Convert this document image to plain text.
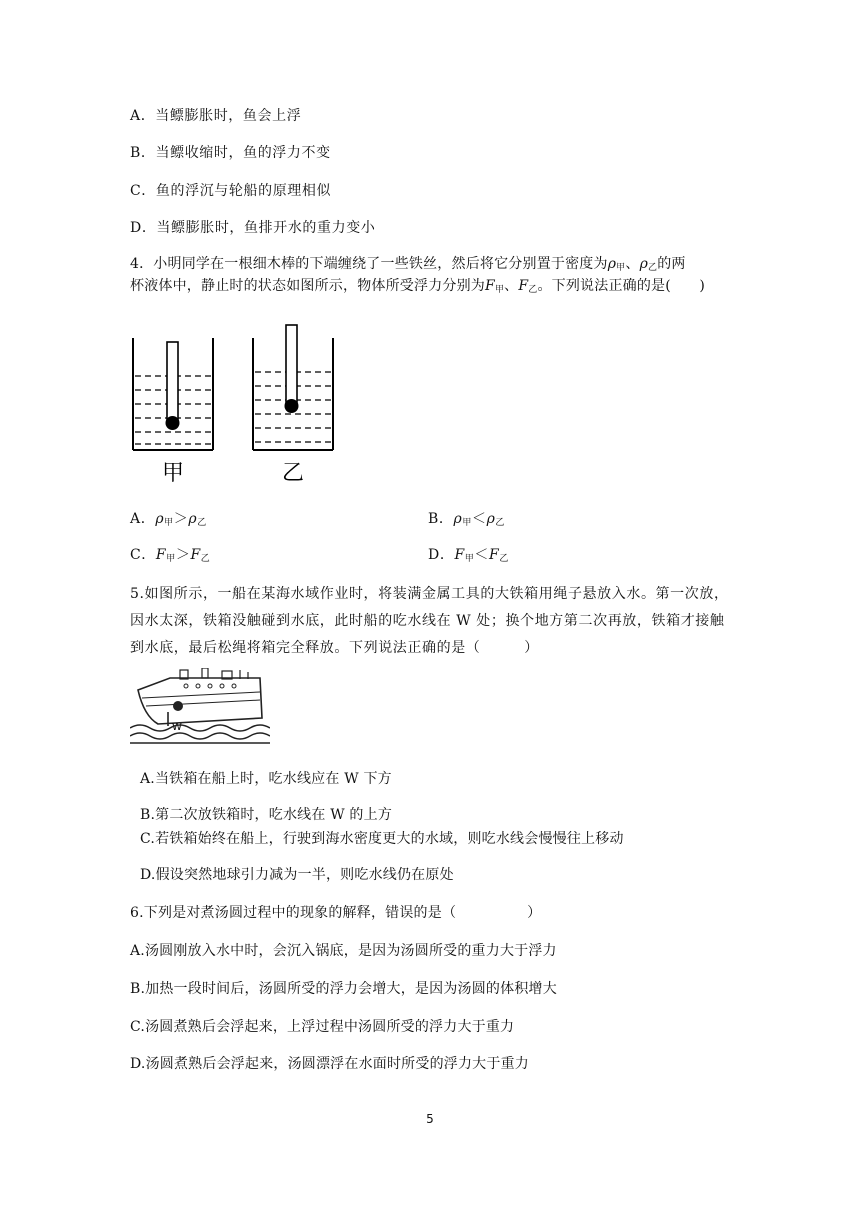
A．当鳔膨胀时，鱼会上浮
B．当鳔收缩时，鱼的浮力不变
C．鱼的浮沉与轮船的原理相似
D．当鳔膨胀时，鱼排开水的重力变小
4．小明同学在一根细木棒的下端缠绕了一些铁丝，然后将它分别置于密度为$\rho_甲$、$\rho_乙$的两
杯液体中，静止时的状态如图所示，物体所受浮力分别为$F_甲$、$F_乙$。下列说法正确的是(　　)
甲	乙
A．$\rho_甲>\rho_乙$	B．$\rho_甲<\rho_乙$
C．$F_甲>F_乙$	D．$F_甲<F_乙$
5.如图所示，一船在某海水域作业时，将装满金属工具的大铁箱用绳子悬放入水。第一次放，
因水太深，铁箱没触碰到水底，此时船的吃水线在 W 处；换个地方第二次再放，铁箱才接触
到水底，最后松绳将箱完全释放。下列说法正确的是（　　　）
W
A.当铁箱在船上时，吃水线应在 W 下方
B.第二次放铁箱时，吃水线在 W 的上方
C.若铁箱始终在船上，行驶到海水密度更大的水域，则吃水线会慢慢往上移动
D.假设突然地球引力减为一半，则吃水线仍在原处
6.下列是对煮汤圆过程中的现象的解释，错误的是（　　　　　）
A.汤圆刚放入水中时，会沉入锅底，是因为汤圆所受的重力大于浮力
B.加热一段时间后，汤圆所受的浮力会增大，是因为汤圆的体积增大
C.汤圆煮熟后会浮起来，上浮过程中汤圆所受的浮力大于重力
D.汤圆煮熟后会浮起来，汤圆漂浮在水面时所受的浮力大于重力
5
